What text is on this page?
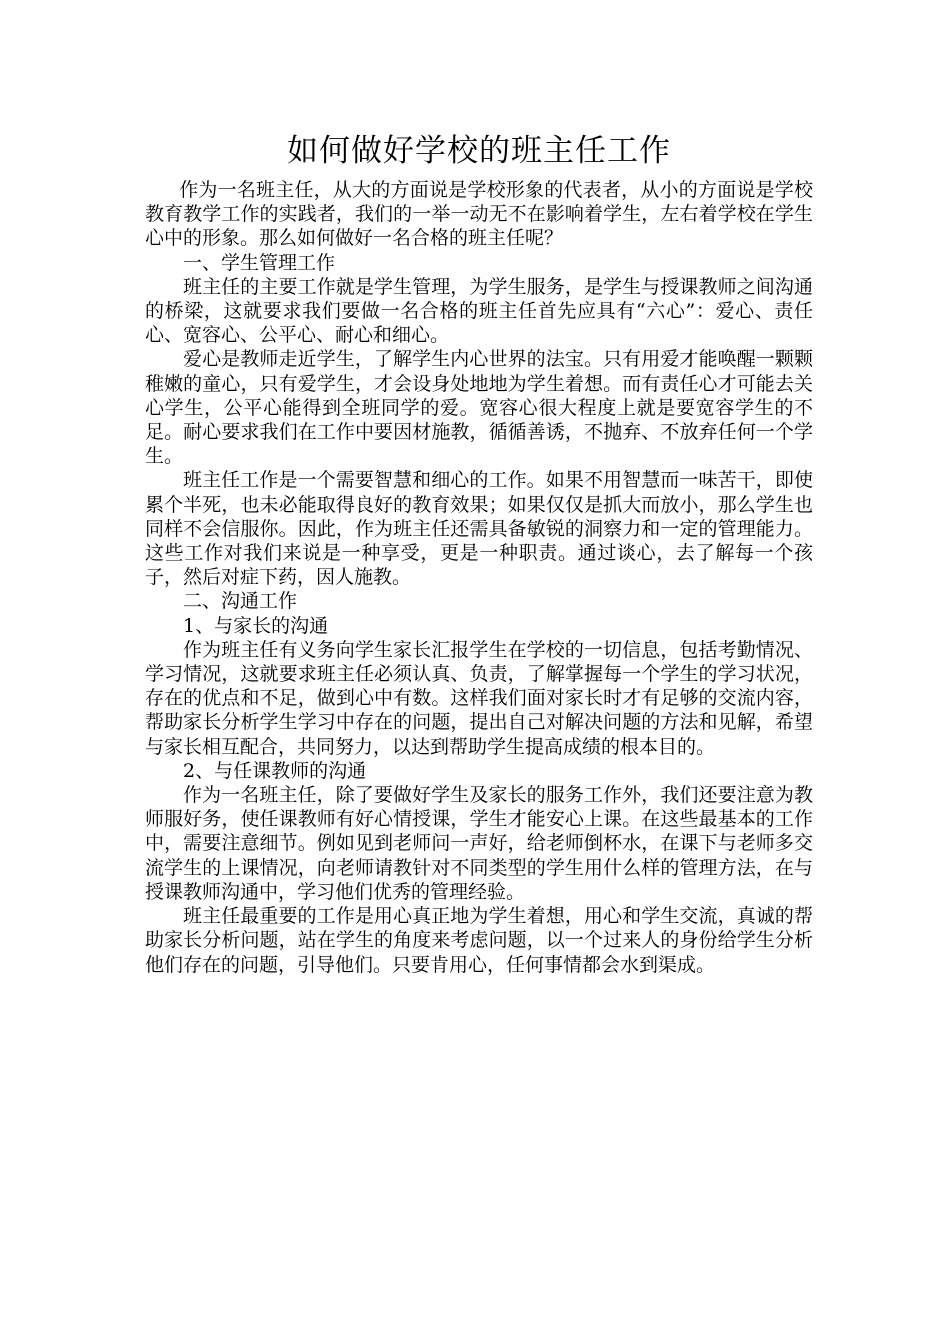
如何做好学校的班主任工作

作为一名班主任，从大的方面说是学校形象的代表者，从小的方面说是学校教育教学工作的实践者，我们的一举一动无不在影响着学生，左右着学校在学生心中的形象。那么如何做好一名合格的班主任呢？

一、学生管理工作

班主任的主要工作就是学生管理，为学生服务，是学生与授课教师之间沟通的桥梁，这就要求我们要做一名合格的班主任首先应具有“六心”：爱心、责任心、宽容心、公平心、耐心和细心。

爱心是教师走近学生，了解学生内心世界的法宝。只有用爱才能唤醒一颗颗稚嫩的童心，只有爱学生，才会设身处地地为学生着想。而有责任心才可能去关心学生，公平心能得到全班同学的爱。宽容心很大程度上就是要宽容学生的不足。耐心要求我们在工作中要因材施教，循循善诱，不抛弃、不放弃任何一个学生。

班主任工作是一个需要智慧和细心的工作。如果不用智慧而一味苦干，即使累个半死，也未必能取得良好的教育效果；如果仅仅是抓大而放小，那么学生也同样不会信服你。因此，作为班主任还需具备敏锐的洞察力和一定的管理能力。这些工作对我们来说是一种享受，更是一种职责。通过谈心，去了解每一个孩子，然后对症下药，因人施教。

二、沟通工作

1、与家长的沟通

作为班主任有义务向学生家长汇报学生在学校的一切信息，包括考勤情况、学习情况，这就要求班主任必须认真、负责，了解掌握每一个学生的学习状况，存在的优点和不足，做到心中有数。这样我们面对家长时才有足够的交流内容，帮助家长分析学生学习中存在的问题，提出自己对解决问题的方法和见解，希望与家长相互配合，共同努力，以达到帮助学生提高成绩的根本目的。

2、与任课教师的沟通

作为一名班主任，除了要做好学生及家长的服务工作外，我们还要注意为教师服好务，使任课教师有好心情授课，学生才能安心上课。在这些最基本的工作中，需要注意细节。例如见到老师问一声好，给老师倒杯水，在课下与老师多交流学生的上课情况，向老师请教针对不同类型的学生用什么样的管理方法，在与授课教师沟通中，学习他们优秀的管理经验。

班主任最重要的工作是用心真正地为学生着想，用心和学生交流，真诚的帮助家长分析问题，站在学生的角度来考虑问题，以一个过来人的身份给学生分析他们存在的问题，引导他们。只要肯用心，任何事情都会水到渠成。
